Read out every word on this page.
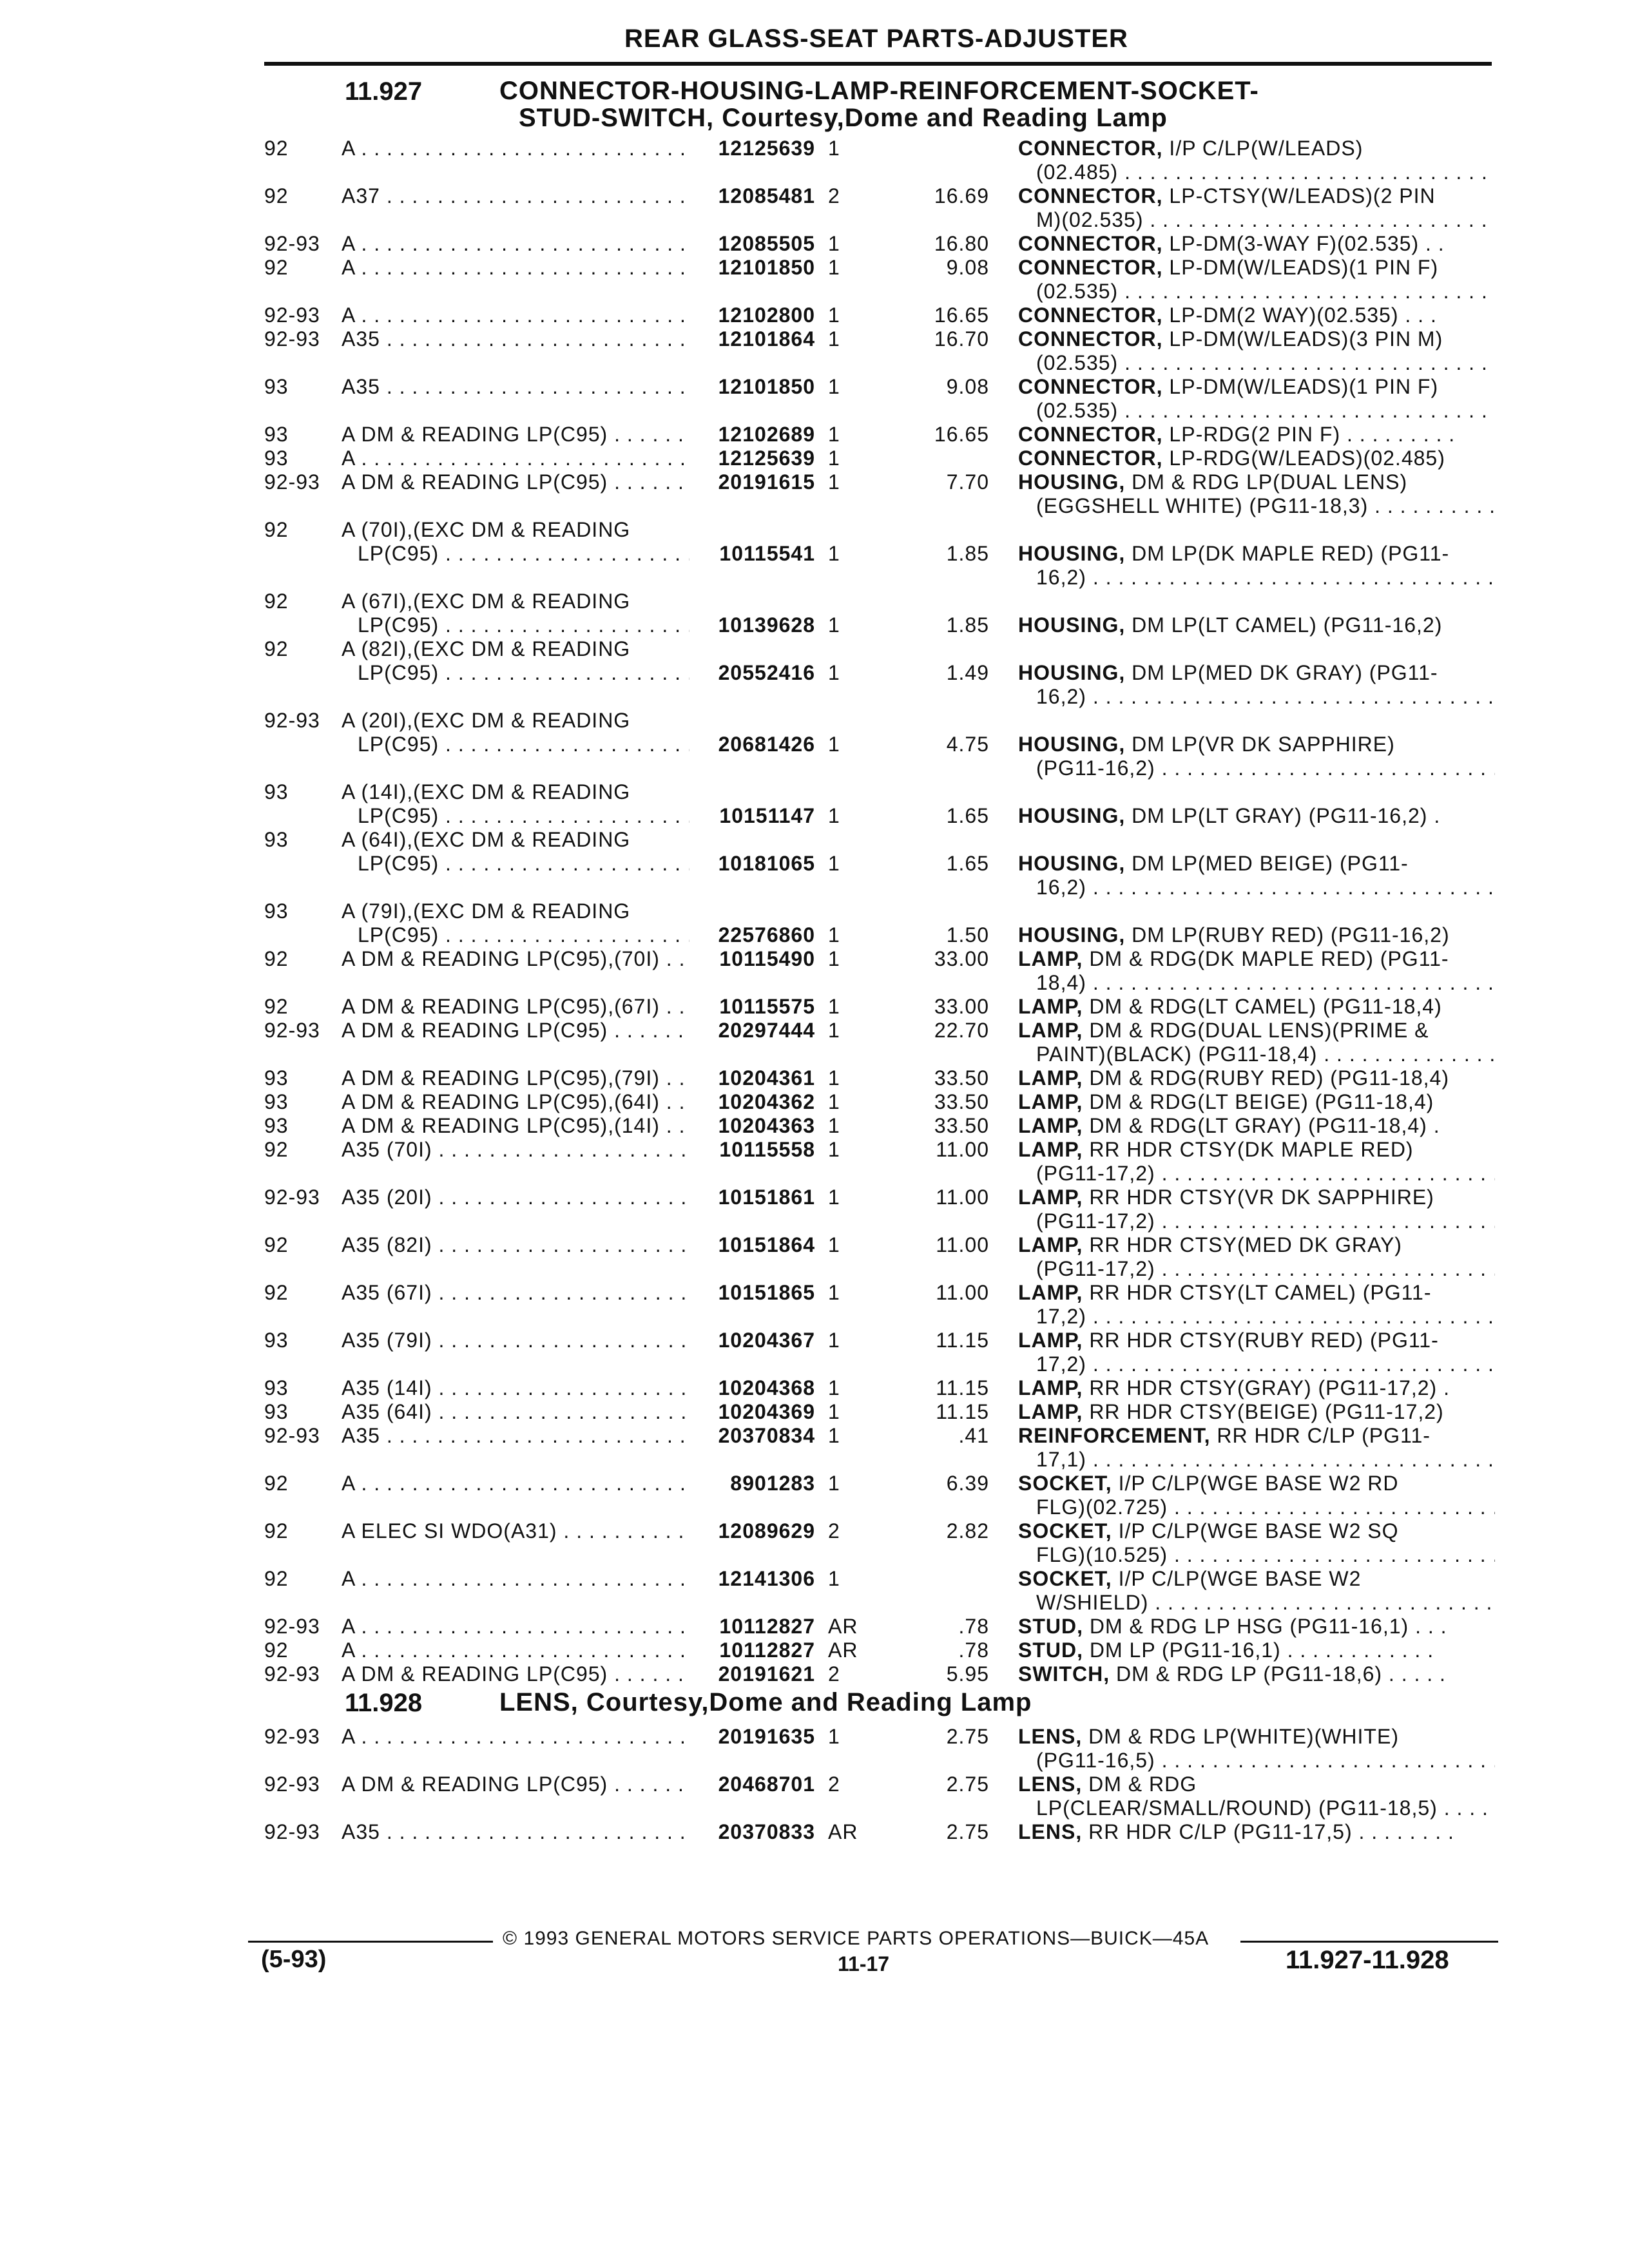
REAR GLASS-SEAT PARTS-ADJUSTER
11.927	CONNECTOR-HOUSING-LAMP-REINFORCEMENT-SOCKET-
STUD-SWITCH, Courtesy,Dome and Reading Lamp
92	A . . .	12125639 1	CONNECTOR, I/P C/LP(W/LEADS)
(02.485) . . .
92	A37 . . .	12085481 2	16.69 CONNECTOR, LP-CTSY(W/LEADS)(2 PIN
M)(02.535) . . .
92-93	A . . .	12085505 1	16.80 CONNECTOR, LP-DM(3-WAY F)(02.535) . .
92	A . . .	12101850 1	9.08 CONNECTOR, LP-DM(W/LEADS)(1 PIN F)
(02.535) . . .
92-93	A . . .	12102800 1	16.65 CONNECTOR, LP-DM(2 WAY)(02.535) . . .
92-93	A35 . . .	12101864 1	16.70 CONNECTOR, LP-DM(W/LEADS)(3 PIN M)
(02.535) . . .
93	A35 . . .	12101850 1	9.08 CONNECTOR, LP-DM(W/LEADS)(1 PIN F)
(02.535) . . .
93	A DM & READING LP(C95) . . . . . . .	12102689 1	16.65 CONNECTOR, LP-RDG(2 PIN F) . . . . . . . . .
93	A . . .	12125639 1	CONNECTOR, LP-RDG(W/LEADS)(02.485)
92-93	A DM & READING LP(C95) . . . . . . .	20191615 1	7.70 HOUSING, DM & RDG LP(DUAL LENS)
(EGGSHELL WHITE) (PG11-18,3) . . . . . . . . . .
92	A (70I),(EXC DM & READING
LP(C95) . . .	10115541 1	1.85 HOUSING, DM LP(DK MAPLE RED) (PG11-
16,2) . . .
92	A (67I),(EXC DM & READING
LP(C95) . . .	10139628 1	1.85 HOUSING, DM LP(LT CAMEL) (PG11-16,2)
92	A (82I),(EXC DM & READING
LP(C95) . . .	20552416 1	1.49 HOUSING, DM LP(MED DK GRAY) (PG11-
16,2) . . .
92-93	A (20I),(EXC DM & READING
LP(C95) . . .	20681426 1	4.75 HOUSING, DM LP(VR DK SAPPHIRE)
(PG11-16,2) . . .
93	A (14I),(EXC DM & READING
LP(C95) . . .	10151147 1	1.65 HOUSING, DM LP(LT GRAY) (PG11-16,2) .
93	A (64I),(EXC DM & READING
LP(C95) . . .	10181065 1	1.65 HOUSING, DM LP(MED BEIGE) (PG11-
16,2) . . .
93	A (79I),(EXC DM & READING
LP(C95) . . .	22576860 1	1.50 HOUSING, DM LP(RUBY RED) (PG11-16,2)
92	A DM & READING LP(C95),(70I) . . .	10115490 1	33.00 LAMP, DM & RDG(DK MAPLE RED) (PG11-
18,4) . . .
92	A DM & READING LP(C95),(67I) . . .	10115575 1	33.00 LAMP, DM & RDG(LT CAMEL) (PG11-18,4)
92-93	A DM & READING LP(C95) . . . . . . .	20297444 1	22.70 LAMP, DM & RDG(DUAL LENS)(PRIME &
PAINT)(BLACK) (PG11-18,4) . . . . . . . . . . . . .
93	A DM & READING LP(C95),(79I) . . .	10204361 1	33.50 LAMP, DM & RDG(RUBY RED) (PG11-18,4)
93	A DM & READING LP(C95),(64I) . . .	10204362 1	33.50 LAMP, DM & RDG(LT BEIGE) (PG11-18,4)
93	A DM & READING LP(C95),(14I) . . .	10204363 1	33.50 LAMP, DM & RDG(LT GRAY) (PG11-18,4) .
92	A35 (70I) . . .	10115558 1	11.00 LAMP, RR HDR CTSY(DK MAPLE RED)
(PG11-17,2) . . .
92-93	A35 (20I) . . .	10151861 1	11.00 LAMP, RR HDR CTSY(VR DK SAPPHIRE)
(PG11-17,2) . . .
92	A35 (82I) . . .	10151864 1	11.00 LAMP, RR HDR CTSY(MED DK GRAY)
(PG11-17,2) . . .
92	A35 (67I) . . .	10151865 1	11.00 LAMP, RR HDR CTSY(LT CAMEL) (PG11-
17,2) . . .
93	A35 (79I) . . .	10204367 1	11.15 LAMP, RR HDR CTSY(RUBY RED) (PG11-
17,2) . . .
93	A35 (14I) . . .	10204368 1	11.15 LAMP, RR HDR CTSY(GRAY) (PG11-17,2) .
93	A35 (64I) . . .	10204369 1	11.15 LAMP, RR HDR CTSY(BEIGE) (PG11-17,2)
92-93	A35 . . .	20370834 1	.41 REINFORCEMENT, RR HDR C/LP (PG11-
17,1) . . .
92	A . . .	8901283 1	6.39 SOCKET, I/P C/LP(WGE BASE W2 RD
FLG)(02.725) . . .
92	A ELEC SI WDO(A31) . . . . . . . . . . .	12089629 2	2.82 SOCKET, I/P C/LP(WGE BASE W2 SQ
FLG)(10.525) . . .
92	A . . .	12141306 1	SOCKET, I/P C/LP(WGE BASE W2
W/SHIELD) . . .
92-93	A . . .	10112827 AR	.78 STUD, DM & RDG LP HSG (PG11-16,1) . . .
92	A . . .	10112827 AR	.78 STUD, DM LP (PG11-16,1) . . . . . . . . . . . .
92-93	A DM & READING LP(C95) . . . . . . .	20191621 2	5.95 SWITCH, DM & RDG LP (PG11-18,6) . . . . .
11.928	LENS, Courtesy,Dome and Reading Lamp
92-93	A . . .	20191635 1	2.75 LENS, DM & RDG LP(WHITE)(WHITE)
(PG11-16,5) . . .
92-93	A DM & READING LP(C95) . . . . . . .	20468701 2	2.75 LENS, DM & RDG
LP(CLEAR/SMALL/ROUND) (PG11-18,5) . . .
92-93	A35 . . .	20370833 AR	2.75 LENS, RR HDR C/LP (PG11-17,5) . . . . . . . .
© 1993 GENERAL MOTORS SERVICE PARTS OPERATIONS—BUICK—45A
(5-93)	11-17	11.927-11.928
